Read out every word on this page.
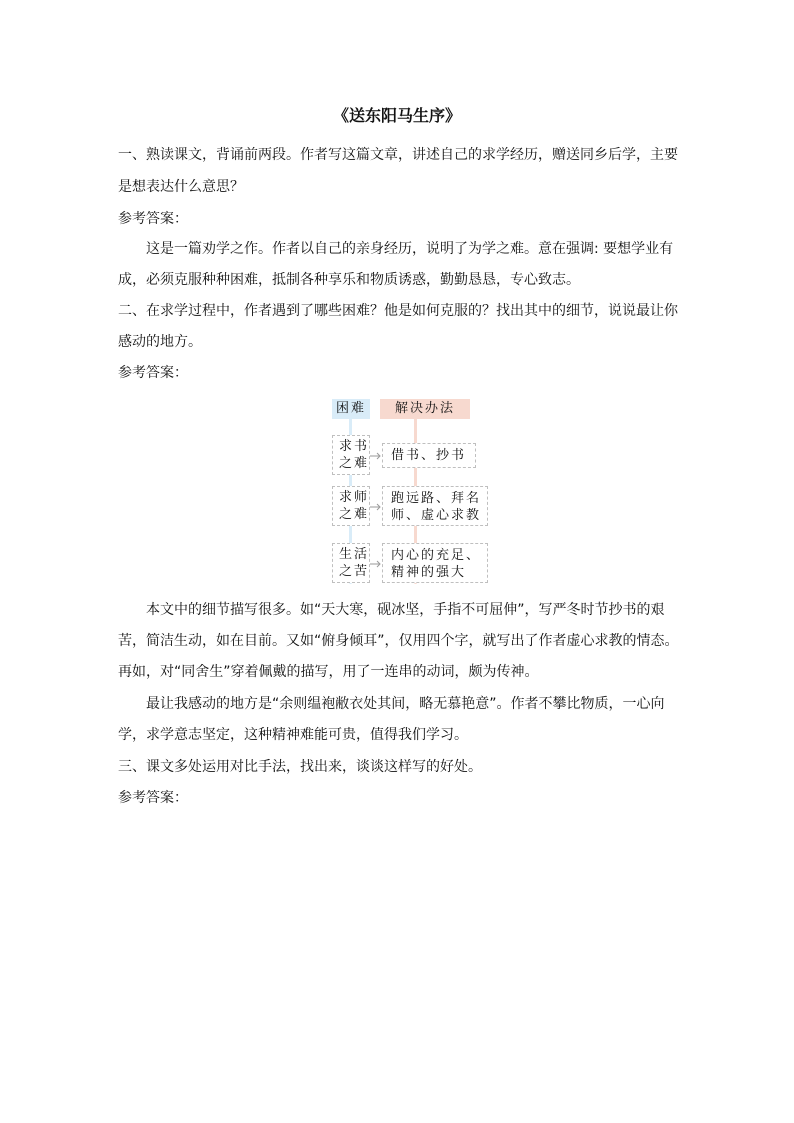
《送东阳马生序》
一、熟读课文，背诵前两段。作者写这篇文章，讲述自己的求学经历，赠送同乡后学，主要
是想表达什么意思？
参考答案：
这是一篇劝学之作。作者以自己的亲身经历，说明了为学之难。意在强调: 要想学业有
成，必须克服种种困难，抵制各种享乐和物质诱惑，勤勤恳恳，专心致志。
二、在求学过程中，作者遇到了哪些困难？他是如何克服的？找出其中的细节，说说最让你
感动的地方。
参考答案：
困难	解决办法
求书
之难
借书、抄书
求师
之难
跑远路、拜名
师、虚心求教
生活
之苦
内心的充足、
精神的强大
本文中的细节描写很多。如“天大寒，砚冰坚，手指不可屈伸”，写严冬时节抄书的艰
苦，简洁生动，如在目前。又如“俯身倾耳”，仅用四个字，就写出了作者虚心求教的情态。
再如，对“同舍生”穿着佩戴的描写，用了一连串的动词，颇为传神。
最让我感动的地方是“余则缊袍敝衣处其间，略无慕艳意”。作者不攀比物质，一心向
学，求学意志坚定，这种精神难能可贵，值得我们学习。
三、课文多处运用对比手法，找出来，谈谈这样写的好处。
参考答案：
